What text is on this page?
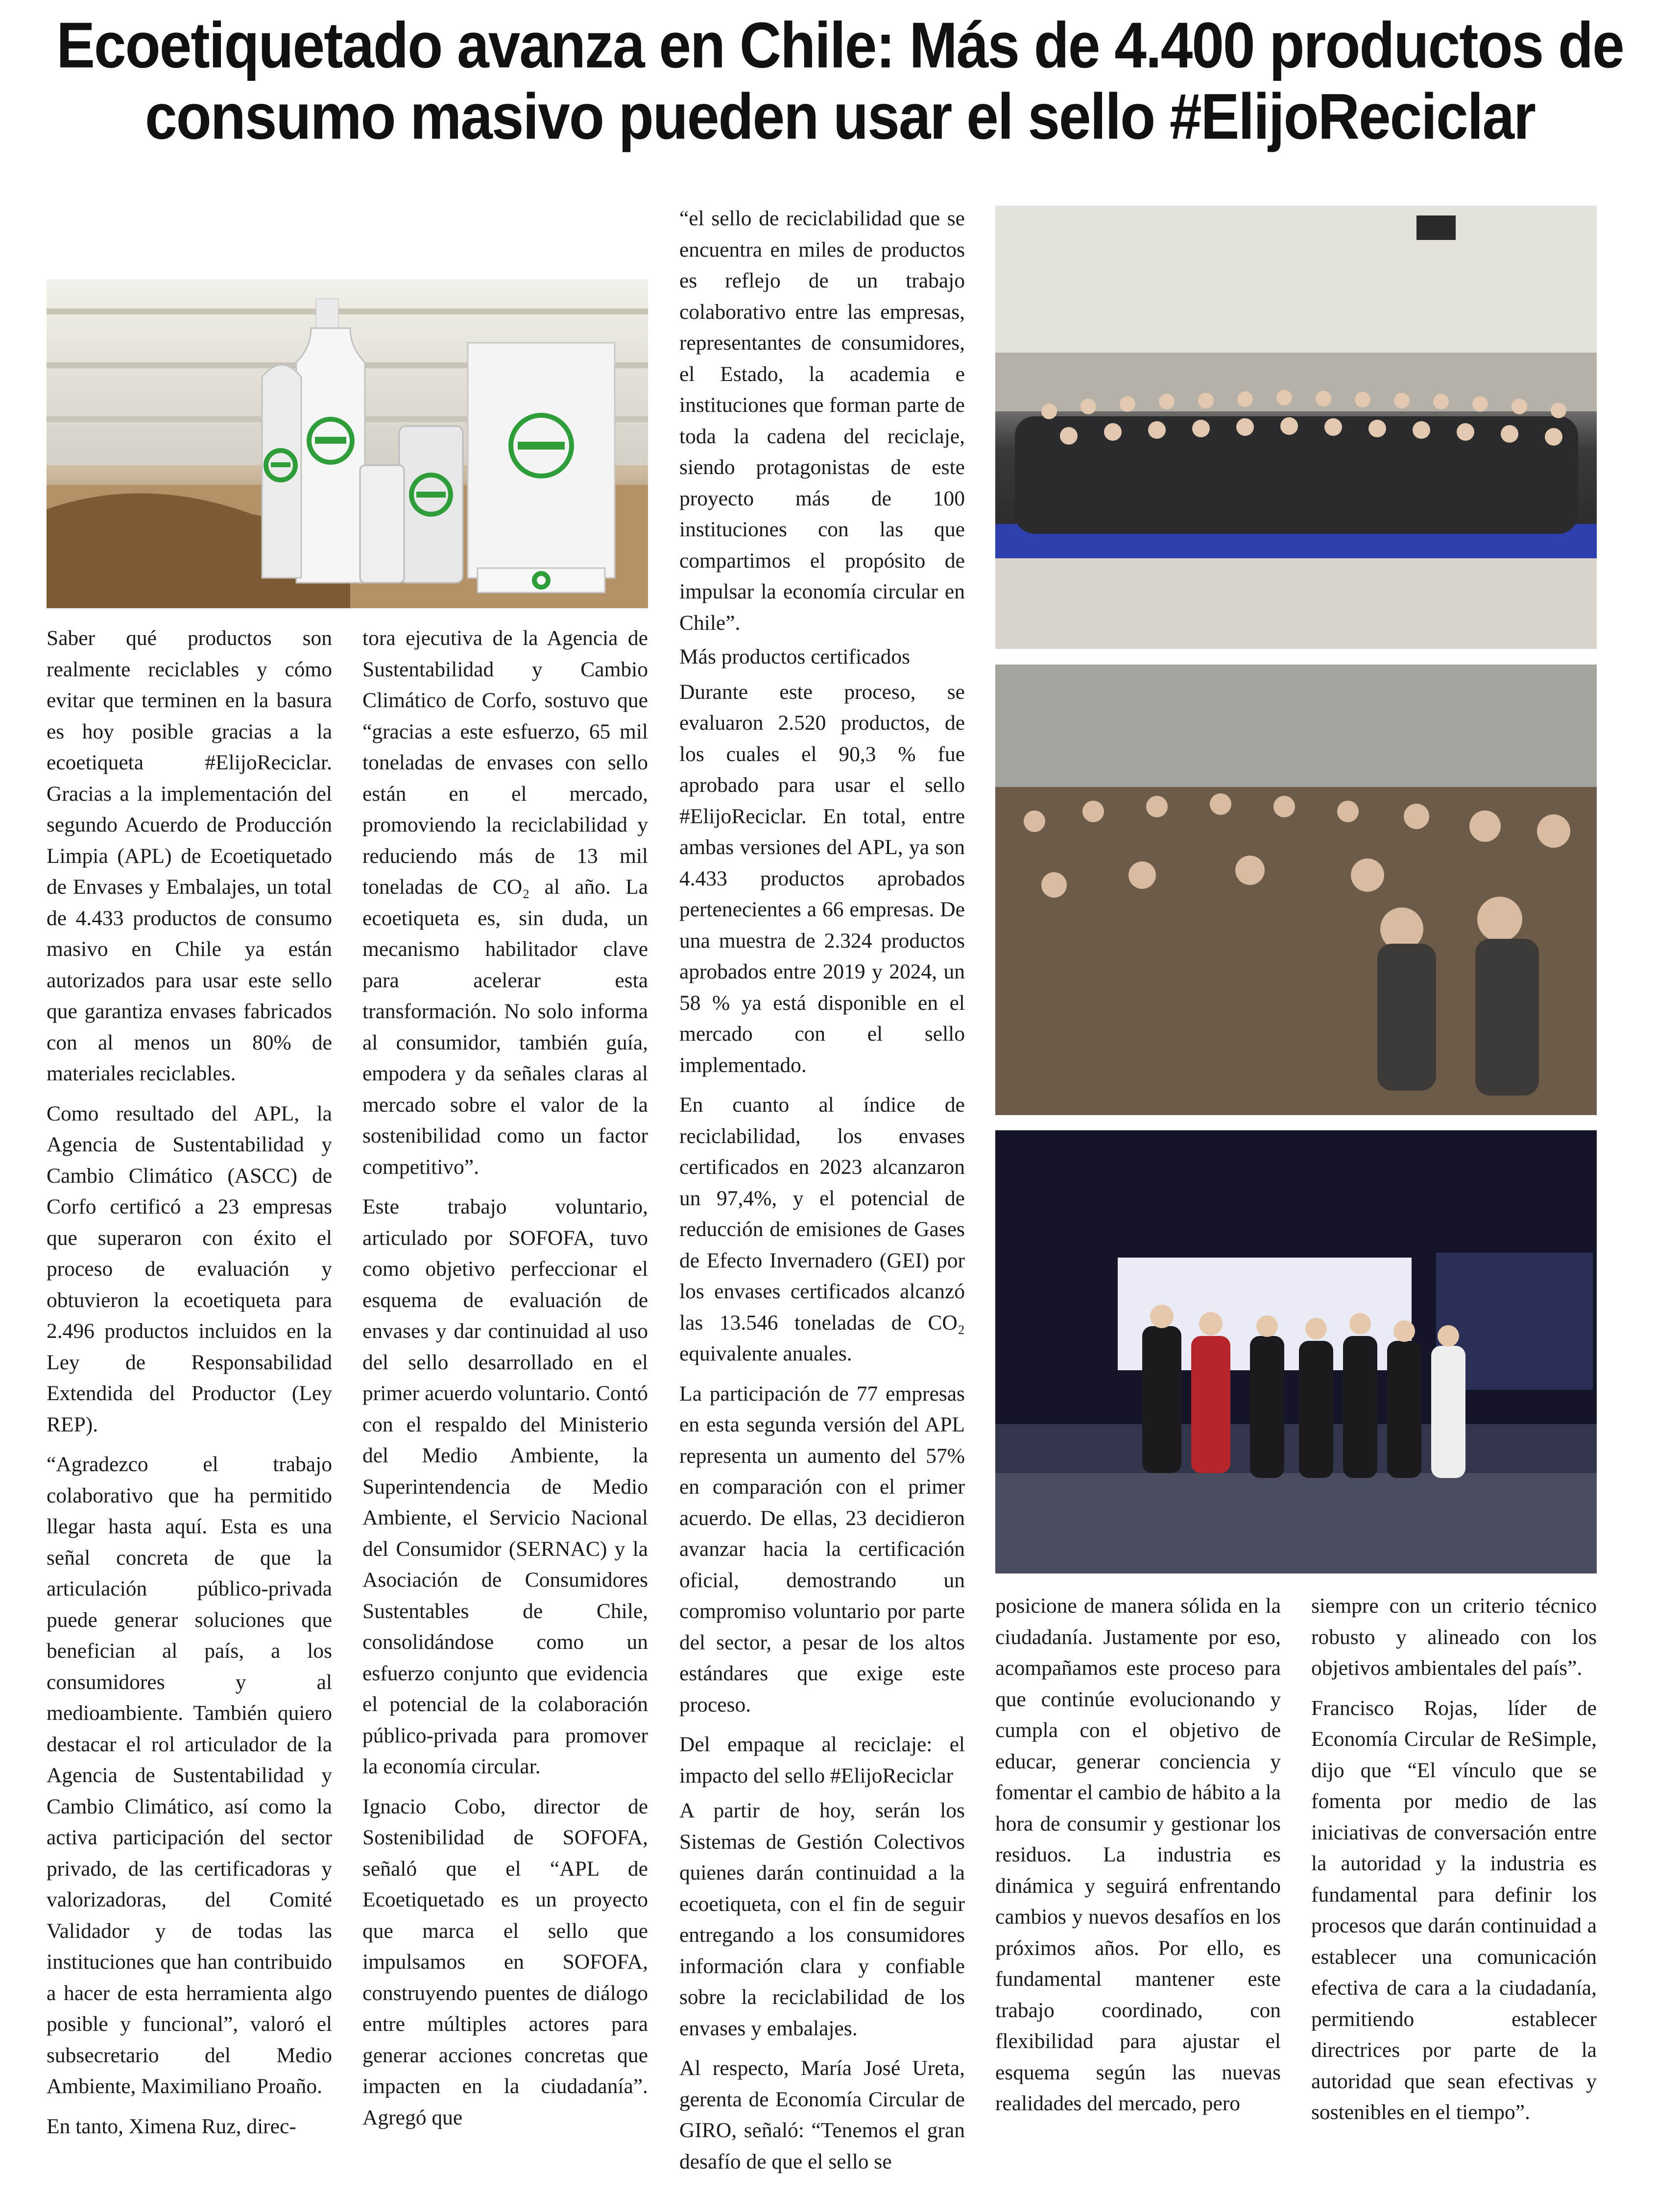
Ecoetiquetado avanza en Chile: Más de 4.400 productos de
consumo masivo pueden usar el sello #ElijoReciclar

Saber qué productos son realmente reciclables y cómo evitar que terminen en la basura es hoy posible gracias a la ecoetiqueta #ElijoReciclar. Gracias a la implementación del segundo Acuerdo de Producción Limpia (APL) de Ecoetiquetado de Envases y Embalajes, un total de 4.433 productos de consumo masivo en Chile ya están autorizados para usar este sello que garantiza envases fabricados con al menos un 80% de materiales reciclables.

Como resultado del APL, la Agencia de Sustentabilidad y Cambio Climático (ASCC) de Corfo certificó a 23 empresas que superaron con éxito el proceso de evaluación y obtuvieron la ecoetiqueta para 2.496 productos incluidos en la Ley de Responsabilidad Extendida del Productor (Ley REP).

“Agradezco el trabajo colaborativo que ha permitido llegar hasta aquí. Esta es una señal concreta de que la articulación público-privada puede generar soluciones que benefician al país, a los consumidores y al medioambiente. También quiero destacar el rol articulador de la Agencia de Sustentabilidad y Cambio Climático, así como la activa participación del sector privado, de las certificadoras y valorizadoras, del Comité Validador y de todas las instituciones que han contribuido a hacer de esta herramienta algo posible y funcional”, valoró el subsecretario del Medio Ambiente, Maximiliano Proaño.

En tanto, Ximena Ruz, direc-

tora ejecutiva de la Agencia de Sustentabilidad y Cambio Climático de Corfo, sostuvo que “gracias a este esfuerzo, 65 mil toneladas de envases con sello están en el mercado, promoviendo la reciclabilidad y reduciendo más de 13 mil toneladas de CO₂ al año. La ecoetiqueta es, sin duda, un mecanismo habilitador clave para acelerar esta transformación. No solo informa al consumidor, también guía, empodera y da señales claras al mercado sobre el valor de la sostenibilidad como un factor competitivo”.

Este trabajo voluntario, articulado por SOFOFA, tuvo como objetivo perfeccionar el esquema de evaluación de envases y dar continuidad al uso del sello desarrollado en el primer acuerdo voluntario. Contó con el respaldo del Ministerio del Medio Ambiente, la Superintendencia de Medio Ambiente, el Servicio Nacional del Consumidor (SERNAC) y la Asociación de Consumidores Sustentables de Chile, consolidándose como un esfuerzo conjunto que evidencia el potencial de la colaboración público-privada para promover la economía circular.

Ignacio Cobo, director de Sostenibilidad de SOFOFA, señaló que el “APL de Ecoetiquetado es un proyecto que marca el sello que impulsamos en SOFOFA, construyendo puentes de diálogo entre múltiples actores para generar acciones concretas que impacten en la ciudadanía”. Agregó que

“el sello de reciclabilidad que se encuentra en miles de productos es reflejo de un trabajo colaborativo entre las empresas, representantes de consumidores, el Estado, la academia e instituciones que forman parte de toda la cadena del reciclaje, siendo protagonistas de este proyecto más de 100 instituciones con las que compartimos el propósito de impulsar la economía circular en Chile”.

Más productos certificados

Durante este proceso, se evaluaron 2.520 productos, de los cuales el 90,3 % fue aprobado para usar el sello #ElijoReciclar. En total, entre ambas versiones del APL, ya son 4.433 productos aprobados pertenecientes a 66 empresas. De una muestra de 2.324 productos aprobados entre 2019 y 2024, un 58 % ya está disponible en el mercado con el sello implementado.

En cuanto al índice de reciclabilidad, los envases certificados en 2023 alcanzaron un 97,4%, y el potencial de reducción de emisiones de Gases de Efecto Invernadero (GEI) por los envases certificados alcanzó las 13.546 toneladas de CO₂ equivalente anuales.

La participación de 77 empresas en esta segunda versión del APL representa un aumento del 57% en comparación con el primer acuerdo. De ellas, 23 decidieron avanzar hacia la certificación oficial, demostrando un compromiso voluntario por parte del sector, a pesar de los altos estándares que exige este proceso.

Del empaque al reciclaje: el impacto del sello #ElijoReciclar

A partir de hoy, serán los Sistemas de Gestión Colectivos quienes darán continuidad a la ecoetiqueta, con el fin de seguir entregando a los consumidores información clara y confiable sobre la reciclabilidad de los envases y embalajes.

Al respecto, María José Ureta, gerenta de Economía Circular de GIRO, señaló: “Tenemos el gran desafío de que el sello se

posicione de manera sólida en la ciudadanía. Justamente por eso, acompañamos este proceso para que continúe evolucionando y cumpla con el objetivo de educar, generar conciencia y fomentar el cambio de hábito a la hora de consumir y gestionar los residuos. La industria es dinámica y seguirá enfrentando cambios y nuevos desafíos en los próximos años. Por ello, es fundamental mantener este trabajo coordinado, con flexibilidad para ajustar el esquema según las nuevas realidades del mercado, pero

siempre con un criterio técnico robusto y alineado con los objetivos ambientales del país”.

Francisco Rojas, líder de Economía Circular de ReSimple, dijo que “El vínculo que se fomenta por medio de las iniciativas de conversación entre la autoridad y la industria es fundamental para definir los procesos que darán continuidad a establecer una comunicación efectiva de cara a la ciudadanía, permitiendo establecer directrices por parte de la autoridad que sean efectivas y sostenibles en el tiempo”.
